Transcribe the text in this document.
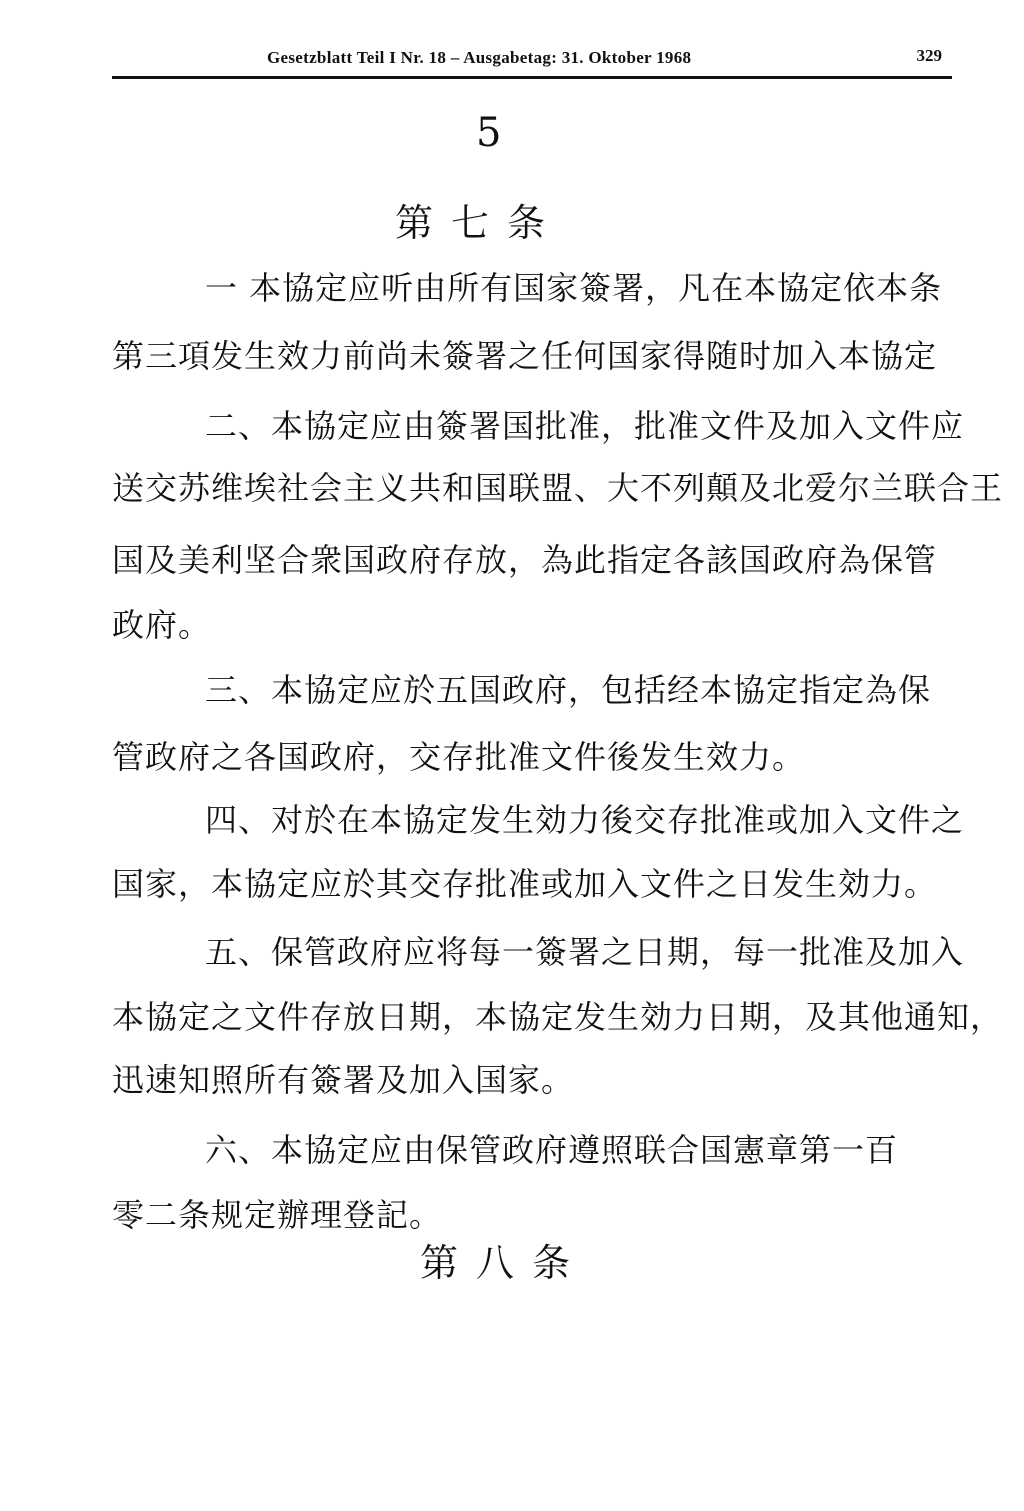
Gesetzblatt Teil I Nr. 18 – Ausgabetag: 31. Oktober 1968	329
5
第七条
一 本協定应听由所有国家簽署，凡在本協定依本条
第三項发生效力前尚未簽署之任何国家得随时加入本協定
二、本協定应由簽署国批准，批准文件及加入文件应
送交苏维埃社会主义共和国联盟、大不列顛及北爱尔兰联合王
国及美利坚合衆国政府存放，為此指定各該国政府為保管
政府。
三、本協定应於五国政府，包括经本協定指定為保
管政府之各国政府，交存批准文件後发生效力。
四、对於在本協定发生効力後交存批准或加入文件之
国家，本協定应於其交存批准或加入文件之日发生効力。
五、保管政府应将每一簽署之日期，每一批准及加入
本協定之文件存放日期，本協定发生効力日期，及其他通知，
迅速知照所有簽署及加入国家。
六、本協定应由保管政府遵照联合国憲章第一百
零二条规定辦理登記。
第八条
